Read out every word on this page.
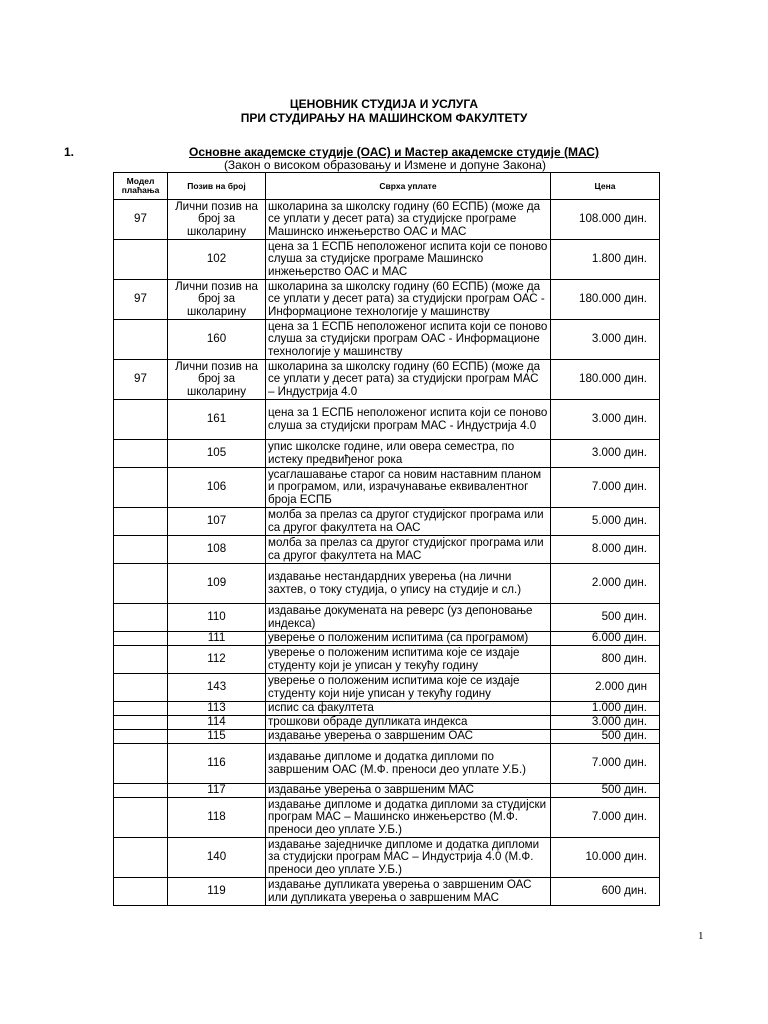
ЦЕНОВНИК СТУДИЈА И УСЛУГА
ПРИ СТУДИРАЊУ НА МАШИНСКОМ ФАКУЛТЕТУ
1.	Основне академске студије (ОАС) и Мастер академске студије (МАС)
(Закон о високом образовању и Измене и допуне Закона)
Модел плаћања	Позив на број	Сврха уплате	Цена
97	Лични позив на број за школарину	школарина за школску годину (60 ЕСПБ) (може да се уплати у десет рата) за студијске програме Машинско инжењерство ОАС и МАС	108.000 дин.
	102	цена за 1 ЕСПБ неположеног испита који се поново слуша за студијске програме Машинско инжењерство ОАС и МАС	1.800 дин.
97	Лични позив на број за школарину	школарина за школску годину (60 ЕСПБ) (може да се уплати у десет рата) за студијски програм ОАС - Информационе технологије у машинству	180.000 дин.
	160	цена за 1 ЕСПБ неположеног испита који се поново слуша за студијски програм ОАС - Информационе технологије у машинству	3.000 дин.
97	Лични позив на број за школарину	школарина за школску годину (60 ЕСПБ) (може да се уплати у десет рата) за студијски програм МАС – Индустрија 4.0	180.000 дин.
	161	цена за 1 ЕСПБ неположеног испита који се поново слуша за студијски програм МАС - Индустрија 4.0	3.000 дин.
	105	упис школске године, или овера семестра, по истеку предвиђеног рока	3.000 дин.
	106	усаглашавање старог са новим наставним планом и програмом, или, израчунавање еквивалентног броја ЕСПБ	7.000 дин.
	107	молба за прелаз са другог студијског програма или са другог факултета на ОАС	5.000 дин.
	108	молба за прелаз са другог студијског програма или са другог факултета на МАС	8.000 дин.
	109	издавање нестандардних уверења (на лични захтев, о току студија, о упису на студије и сл.)	2.000 дин.
	110	издавање докумената на реверс (уз депоновање индекса)	500 дин.
	111	уверење о положеним испитима (са програмом)	6.000 дин.
	112	уверење о положеним испитима које се издаје студенту који је уписан у текућу годину	800 дин.
	143	уверење о положеним испитима које се издаје студенту који није уписан у текућу годину	2.000 дин
	113	испис са факултета	1.000 дин.
	114	трошкови обраде дупликата индекса	3.000 дин.
	115	издавање уверења о завршеним ОАС	500 дин.
	116	издавање дипломе и додатка дипломи по завршеним ОАС (М.Ф. преноси део уплате У.Б.)	7.000 дин.
	117	издавање уверења о завршеним МАС	500 дин.
	118	издавање дипломе и додатка дипломи за студијски програм МАС – Машинско инжењерство (М.Ф. преноси део уплате У.Б.)	7.000 дин.
	140	издавање заједничке дипломе и додатка дипломи за студијски програм МАС – Индустрија 4.0 (М.Ф. преноси део уплате У.Б.)	10.000 дин.
	119	издавање дупликата уверења о завршеним ОАС или дупликата уверења о завршеним МАС	600 дин.
1
